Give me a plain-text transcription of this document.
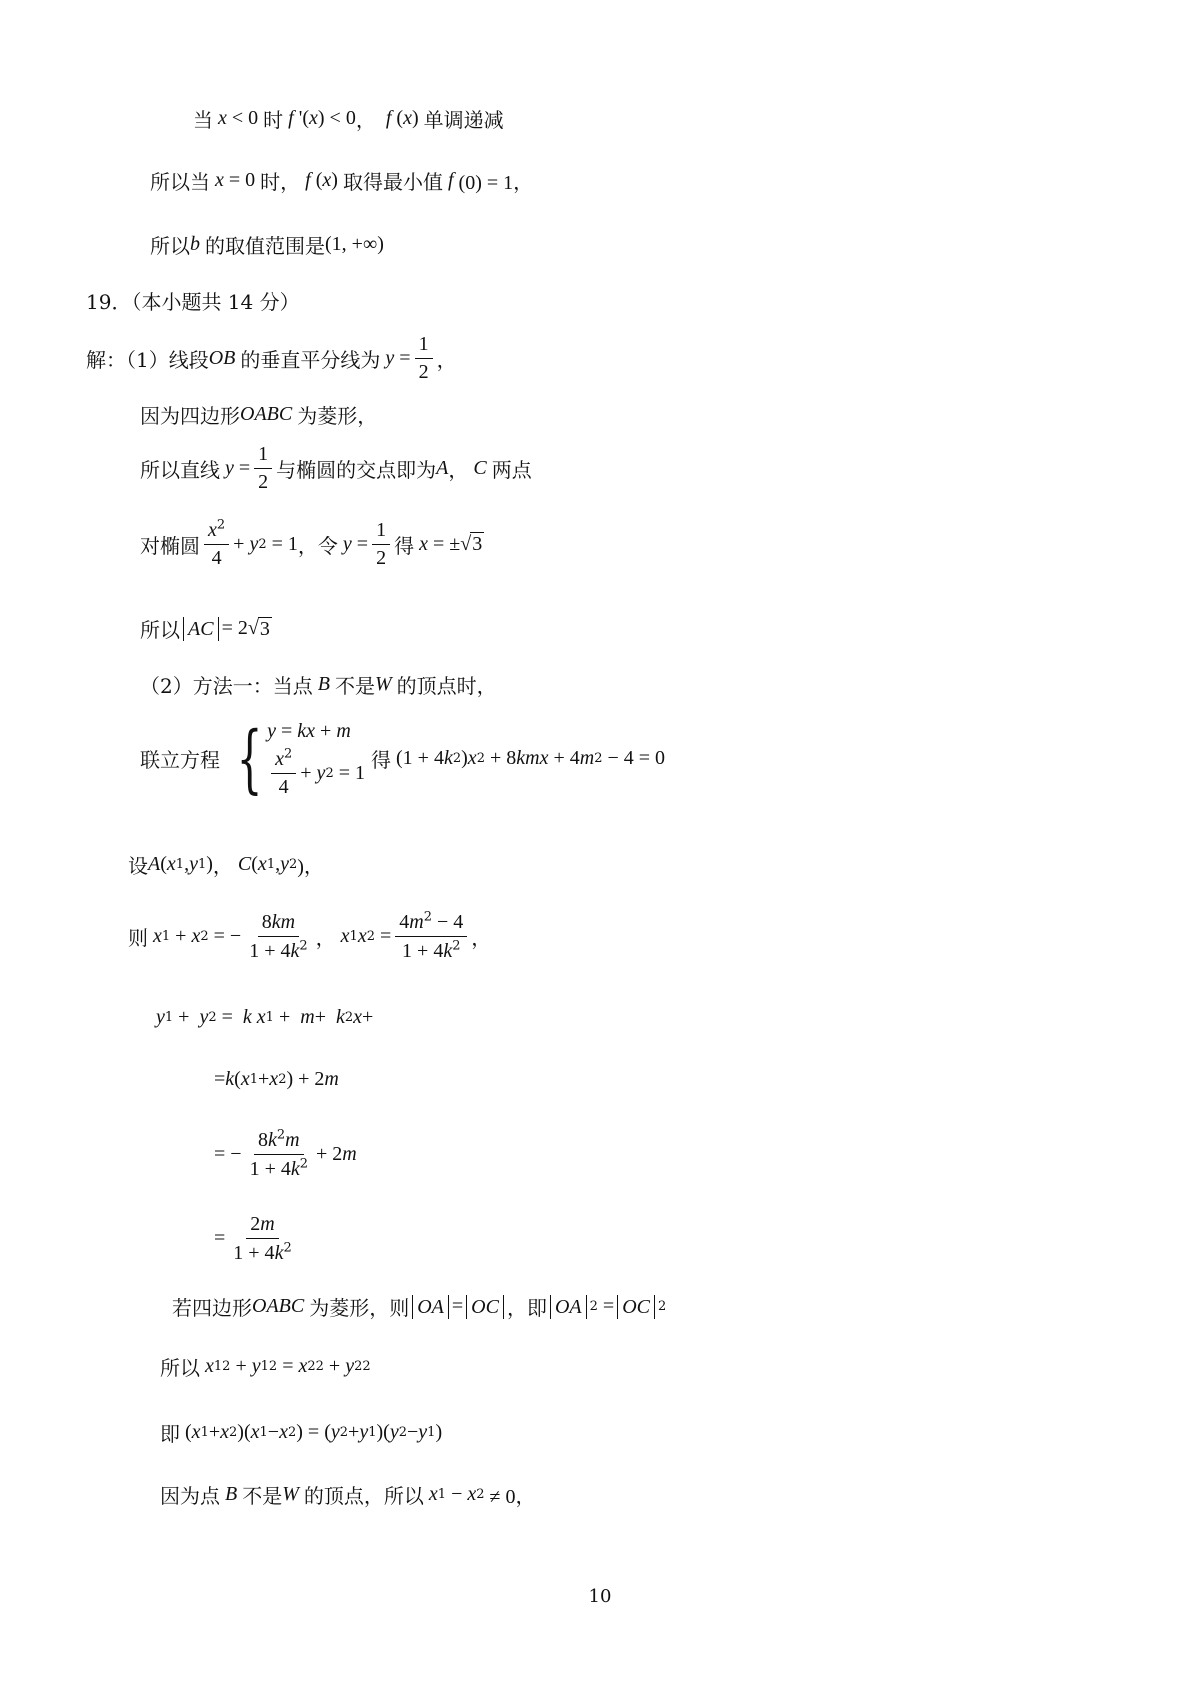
当 x < 0 时 f '( x ) < 0 ， f ( x ) 单调递减
所以当 x = 0 时， f ( x ) 取得最小值 f (0) = 1，
所以 b 的取值范围是 (1, +∞)
19．（本小题共 14 分）
解：（1）线段 OB 的垂直平分线为 $y = \frac{1}{2}$ ，
因为四边形 OABC 为菱形，
所以直线 $y = \frac{1}{2}$ 与椭圆的交点即为 A ， C 两点
对椭圆
$x^2$
4
+ y 2 = 1 ，令 $y = \frac{1}{2}$ 得 x = ± √ 3
所以 AC = 2√ 3
（2）方法一：当点 B 不是 W 的顶点时，
联立方程 { y = kx + m
$x^2$
4
+ y 2 = 1
得 (1 + 4 k 2 ) x 2 + 8 kmx + 4 m 2 − 4 = 0
设 A ( x 1 , y 1 ) ， C ( x 1 , y 2 )，
则 x 1 + x 2 = − $\frac{8km}{1 + 4k^2}$ ， x 1 x $2 = \frac{4m^2 - 4}{1 + 4k^2}$ ，
y 1 + y 2 = k x 1 + m + k 2 x +
= k ( x 1 + x 2 ) + 2 m
= − $\frac{8k^2m}{1 + 4k^2} + 2$ m
= $\frac{2m}{1 + 4k^2}$
若四边形 OABC 为菱形，则 OA = OC ，即 OA 2 = OC 2
所以 x 1 2 + y 1 2 = x 2 2 + y 2 2
即 ( x 1 + x 2 )( x 1 − x 2 ) = ( y 2 + y 1 )( y 2 − y 1 )
因为点 B 不是 W 的顶点，所以 x 1 − x 2 ≠ 0，
10
